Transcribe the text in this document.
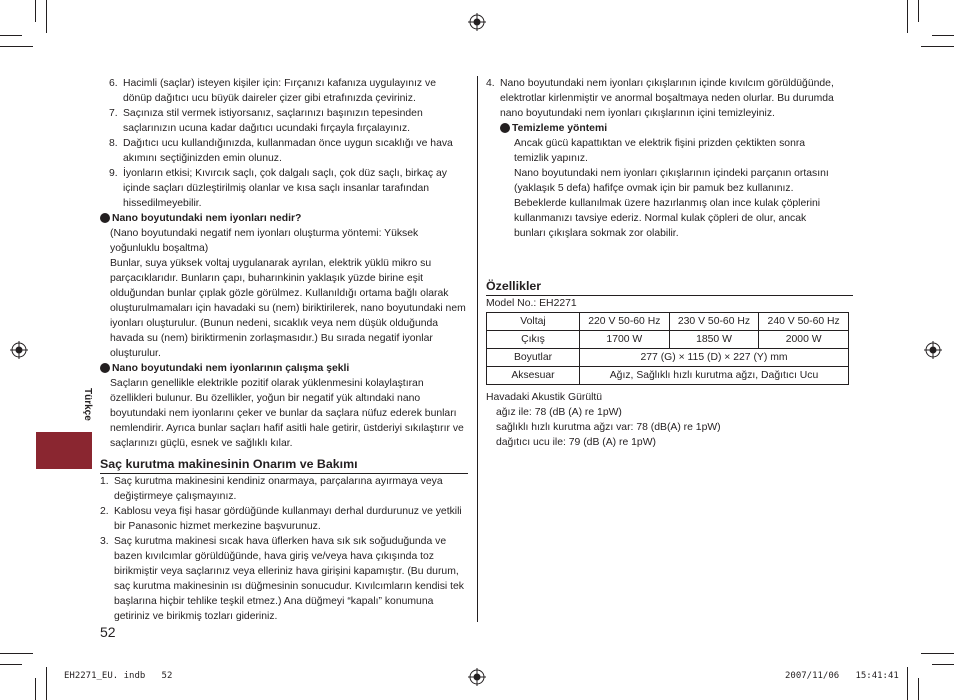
Türkçe
6. Hacimli (saçlar) isteyen kişiler için: Fırçanızı kafanıza uygulayınız ve dönüp dağıtıcı ucu büyük daireler çizer gibi etrafınızda çeviriniz.
7. Saçınıza stil vermek istiyorsanız, saçlarınızı başınızın tepesinden saçlarınızın ucuna kadar dağıtıcı ucundaki fırçayla fırçalayınız.
8. Dağıtıcı ucu kullandığınızda, kullanmadan önce uygun sıcaklığı ve hava akımını seçtiğinizden emin olunuz.
9. İyonların etkisi; Kıvırcık saçlı, çok dalgalı saçlı, çok düz saçlı, birkaç ay içinde saçları düzleştirilmiş olanlar ve kısa saçlı insanlar tarafından hissedilmeyebilir.
Nano boyutundaki nem iyonları nedir?
(Nano boyutundaki negatif nem iyonları oluşturma yöntemi: Yüksek yoğunluklu boşaltma)
Bunlar, suya yüksek voltaj uygulanarak ayrılan, elektrik yüklü mikro su parçacıklarıdır. Bunların çapı, buharınkinin yaklaşık yüzde birine eşit olduğundan bunlar çıplak gözle görülmez. Kullanıldığı ortama bağlı olarak oluşturulmamaları için havadaki su (nem) biriktirilerek, nano boyutundaki nem iyonları oluşturulur. (Bunun nedeni, sıcaklık veya nem düşük olduğunda havada su (nem) biriktirmenin zorlaşmasıdır.) Bu sırada negatif iyonlar oluşturulur.
Nano boyutundaki nem iyonlarının çalışma şekli
Saçların genellikle elektrikle pozitif olarak yüklenmesini kolaylaştıran özellikleri bulunur. Bu özellikler, yoğun bir negatif yük altındaki nano boyutundaki nem iyonlarını çeker ve bunlar da saçlara nüfuz ederek bunları nemlendirir. Ayrıca bunlar saçları hafif asitli hale getirir, üstderiyi sıkılaştırır ve saçlarınızı güçlü, esnek ve sağlıklı kılar.
Saç kurutma makinesinin Onarım ve Bakımı
1. Saç kurutma makinesini kendiniz onarmaya, parçalarına ayırmaya veya değiştirmeye çalışmayınız.
2. Kablosu veya fişi hasar gördüğünde kullanmayı derhal durdurunuz ve yetkili bir Panasonic hizmet merkezine başvurunuz.
3. Saç kurutma makinesi sıcak hava üflerken hava sık sık soğuduğunda ve bazen kıvılcımlar görüldüğünde, hava giriş ve/veya hava çıkışında toz birikmiştir veya saçlarınız veya elleriniz hava girişini kapamıştır. (Bu durum, saç kurutma makinesinin ısı düğmesinin sonucudur. Kıvılcımların kendisi tek başlarına hiçbir tehlike teşkil etmez.) Ana düğmeyi “kapalı” konumuna getiriniz ve birikmiş tozları gideriniz.
52
4. Nano boyutundaki nem iyonları çıkışlarının içinde kıvılcım görüldüğünde, elektrotlar kirlenmiştir ve anormal boşaltmaya neden olurlar. Bu durumda nano boyutundaki nem iyonları çıkışlarının içini temizleyiniz.
Temizleme yöntemi
Ancak gücü kapattıktan ve elektrik fişini prizden çektikten sonra temizlik yapınız.
Nano boyutundaki nem iyonları çıkışlarının içindeki parçanın ortasını (yaklaşık 5 defa) hafifçe ovmak için bir pamuk bez kullanınız.
Bebeklerde kullanılmak üzere hazırlanmış olan ince kulak çöplerini kullanmanızı tavsiye ederiz. Normal kulak çöpleri de olur, ancak bunları çıkışlara sokmak zor olabilir.
Özellikler
Model No.: EH2271
Voltaj	220 V 50-60 Hz	230 V 50-60 Hz	240 V 50-60 Hz
Çıkış	1700 W	1850 W	2000 W
Boyutlar	277 (G) × 115 (D) × 227 (Y) mm		
Aksesuar	Ağız, Sağlıklı hızlı kurutma ağzı, Dağıtıcı Ucu		
Havadaki Akustik Gürültü
ağız ile: 78 (dB (A) re 1pW)
sağlıklı hızlı kurutma ağzı var: 78 (dB(A) re 1pW)
dağıtıcı ucu ile: 79 (dB (A) re 1pW)
EH2271_EU. indb   52	2007/11/06   15:41:41
